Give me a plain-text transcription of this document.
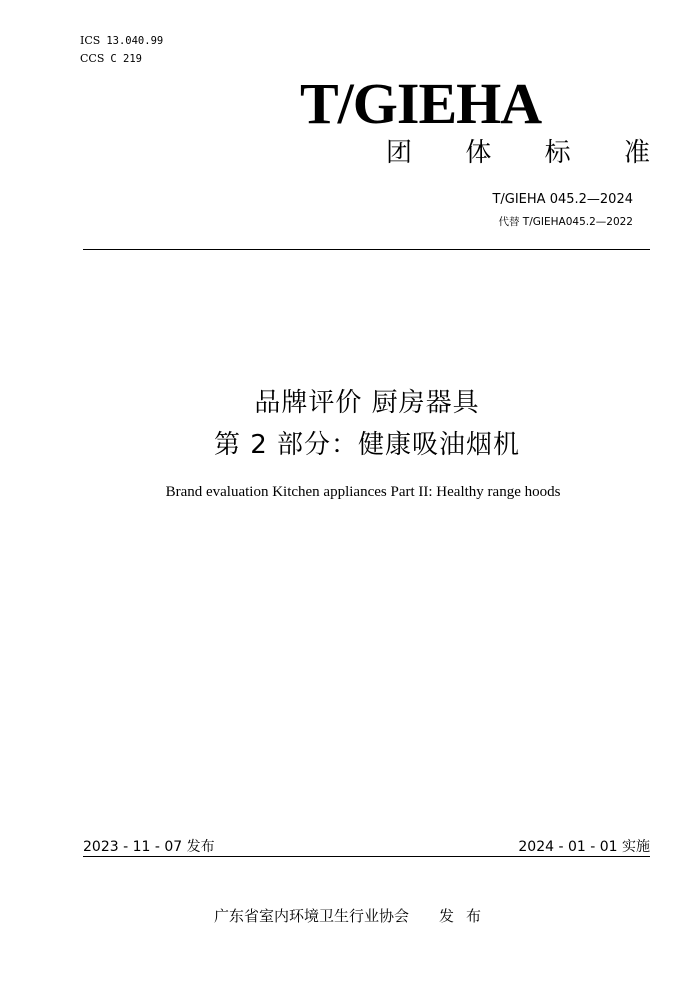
ICS 13.040.99
CCS C 219
T/GIEHA
团 体 标 准
T/GIEHA 045.2—2024
代替 T/GIEHA045.2—2022
品牌评价 厨房器具
第 2 部分：健康吸油烟机
Brand evaluation Kitchen appliances Part II: Healthy range hoods
2023 - 11 - 07 发布	2024 - 01 - 01 实施
广东省室内环境卫生行业协会 发布
